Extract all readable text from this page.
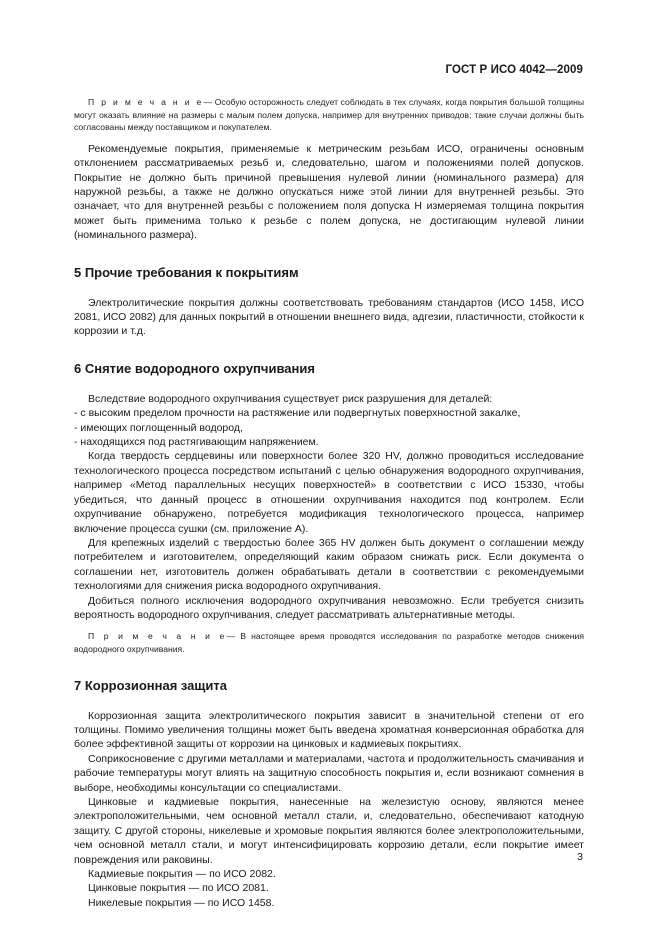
ГОСТ Р ИСО 4042—2009

П р и м е ч а н и е— Особую осторожность следует соблюдать в тех случаях, когда покрытия большой толщины могут оказать влияние на размеры с малым полем допуска, например для внутренних приводов; такие случаи должны быть согласованы между поставщиком и покупателем.

Рекомендуемые покрытия, применяемые к метрическим резьбам ИСО, ограничены основным отклонением рассматриваемых резьб и, следовательно, шагом и положениями полей допусков. Покрытие не должно быть причиной превышения нулевой линии (номинального размера) для наружной резьбы, а также не должно опускаться ниже этой линии для внутренней резьбы. Это означает, что для внутренней резьбы с положением поля допуска H измеряемая толщина покрытия может быть применима только к резьбе с полем допуска, не достигающим нулевой линии (номинального размера).

5 Прочие требования к покрытиям

Электролитические покрытия должны соответствовать требованиям стандартов (ИСО 1458, ИСО 2081, ИСО 2082) для данных покрытий в отношении внешнего вида, адгезии, пластичности, стойкости к коррозии и т.д.

6 Снятие водородного охрупчивания

Вследствие водородного охрупчивания существует риск разрушения для деталей:

- с высоким пределом прочности на растяжение или подвергнутых поверхностной закалке,

- имеющих поглощенный водород,

- находящихся под растягивающим напряжением.

Когда твердость сердцевины или поверхности более 320 HV, должно проводиться исследование технологического процесса посредством испытаний с целью обнаружения водородного охрупчивания, например «Метод параллельных несущих поверхностей» в соответствии с ИСО 15330, чтобы убедиться, что данный процесс в отношении охрупчивания находится под контролем. Если охрупчивание обнаружено, потребуется модификация технологического процесса, например включение процесса сушки (см. приложение А).

Для крепежных изделий с твердостью более 365 HV должен быть документ о соглашении между потребителем и изготовителем, определяющий каким образом снижать риск. Если документа о соглашении нет, изготовитель должен обрабатывать детали в соответствии с рекомендуемыми технологиями для снижения риска водородного охрупчивания.

Добиться полного исключения водородного охрупчивания невозможно. Если требуется снизить вероятность водородного охрупчивания, следует рассматривать альтернативные методы.

П р и м е ч а н и е— В настоящее время проводятся исследования по разработке методов снижения водородного охрупчивания.

7 Коррозионная защита

Коррозионная защита электролитического покрытия зависит в значительной степени от его толщины. Помимо увеличения толщины может быть введена хроматная конверсионная обработка для более эффективной защиты от коррозии на цинковых и кадмиевых покрытиях.

Соприкосновение с другими металлами и материалами, частота и продолжительность смачивания и рабочие температуры могут влиять на защитную способность покрытия и, если возникают сомнения в выборе, необходимы консультации со специалистами.

Цинковые и кадмиевые покрытия, нанесенные на железистую основу, являются менее электроположительными, чем основной металл стали, и, следовательно, обеспечивают катодную защиту. С другой стороны, никелевые и хромовые покрытия являются более электроположительными, чем основной металл стали, и могут интенсифицировать коррозию детали, если покрытие имеет повреждения или раковины.

Кадмиевые покрытия — по ИСО 2082.

Цинковые покрытия — по ИСО 2081.

Никелевые покрытия — по ИСО 1458.

3
